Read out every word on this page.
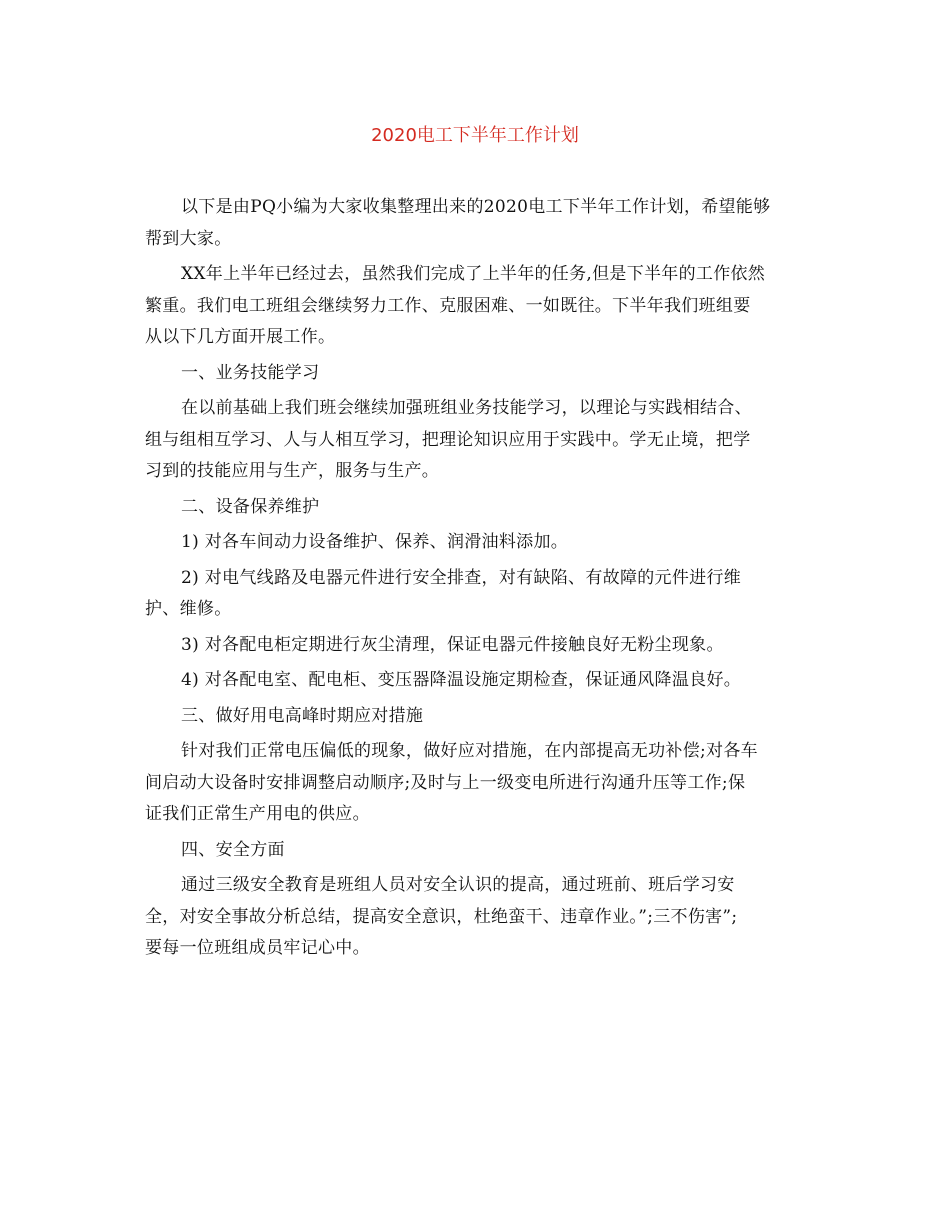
2020电工下半年工作计划

以下是由PQ小编为大家收集整理出来的2020电工下半年工作计划，希望能够
帮到大家。

XX年上半年已经过去，虽然我们完成了上半年的任务,但是下半年的工作依然
繁重。我们电工班组会继续努力工作、克服困难、一如既往。下半年我们班组要
从以下几方面开展工作。

一、业务技能学习

在以前基础上我们班会继续加强班组业务技能学习，以理论与实践相结合、
组与组相互学习、人与人相互学习，把理论知识应用于实践中。学无止境，把学
习到的技能应用与生产，服务与生产。

二、设备保养维护

1) 对各车间动力设备维护、保养、润滑油料添加。

2) 对电气线路及电器元件进行安全排查，对有缺陷、有故障的元件进行维
护、维修。

3) 对各配电柜定期进行灰尘清理，保证电器元件接触良好无粉尘现象。

4) 对各配电室、配电柜、变压器降温设施定期检查，保证通风降温良好。

三、做好用电高峰时期应对措施

针对我们正常电压偏低的现象，做好应对措施，在内部提高无功补偿;对各车
间启动大设备时安排调整启动顺序;及时与上一级变电所进行沟通升压等工作;保
证我们正常生产用电的供应。

四、安全方面

通过三级安全教育是班组人员对安全认识的提高，通过班前、班后学习安
全，对安全事故分析总结，提高安全意识，杜绝蛮干、违章作业。”;三不伤害”;
要每一位班组成员牢记心中。
